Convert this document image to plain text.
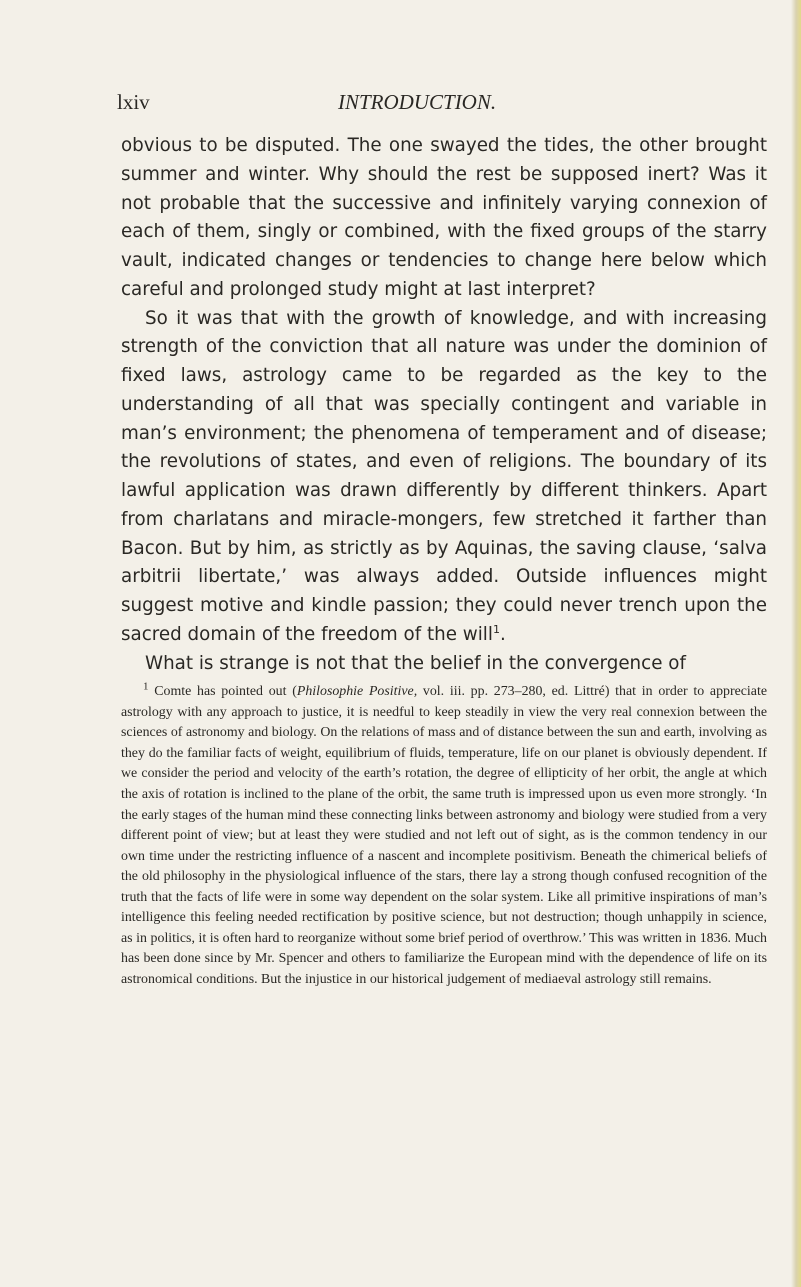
lxiv	INTRODUCTION.

obvious to be disputed. The one swayed the tides, the other brought summer and winter. Why should the rest be supposed inert? Was it not probable that the successive and infinitely varying connexion of each of them, singly or combined, with the fixed groups of the starry vault, indicated changes or tendencies to change here below which careful and prolonged study might at last interpret?

So it was that with the growth of knowledge, and with increasing strength of the conviction that all nature was under the dominion of fixed laws, astrology came to be regarded as the key to the understanding of all that was specially contingent and variable in man’s environment; the phenomena of temperament and of disease; the revolutions of states, and even of religions. The boundary of its lawful application was drawn differently by different thinkers. Apart from charlatans and miracle-mongers, few stretched it farther than Bacon. But by him, as strictly as by Aquinas, the saving clause, ‘salva arbitrii libertate,’ was always added. Outside influences might suggest motive and kindle passion; they could never trench upon the sacred domain of the freedom of the will$^1$.

What is strange is not that the belief in the convergence of

$^1$ Comte has pointed out (Philosophie Positive, vol. iii. pp. 273–280, ed. Littré) that in order to appreciate astrology with any approach to justice, it is needful to keep steadily in view the very real connexion between the sciences of astronomy and biology. On the relations of mass and of distance between the sun and earth, involving as they do the familiar facts of weight, equilibrium of fluids, temperature, life on our planet is obviously dependent. If we consider the period and velocity of the earth’s rotation, the degree of ellipticity of her orbit, the angle at which the axis of rotation is inclined to the plane of the orbit, the same truth is impressed upon us even more strongly. ‘In the early stages of the human mind these connecting links between astronomy and biology were studied from a very different point of view; but at least they were studied and not left out of sight, as is the common tendency in our own time under the restricting influence of a nascent and incomplete positivism. Beneath the chimerical beliefs of the old philosophy in the physiological influence of the stars, there lay a strong though confused recognition of the truth that the facts of life were in some way dependent on the solar system. Like all primitive inspirations of man’s intelligence this feeling needed rectification by positive science, but not destruction; though unhappily in science, as in politics, it is often hard to reorganize without some brief period of overthrow.’ This was written in 1836. Much has been done since by Mr. Spencer and others to familiarize the European mind with the dependence of life on its astronomical conditions. But the injustice in our historical judgement of mediaeval astrology still remains.
